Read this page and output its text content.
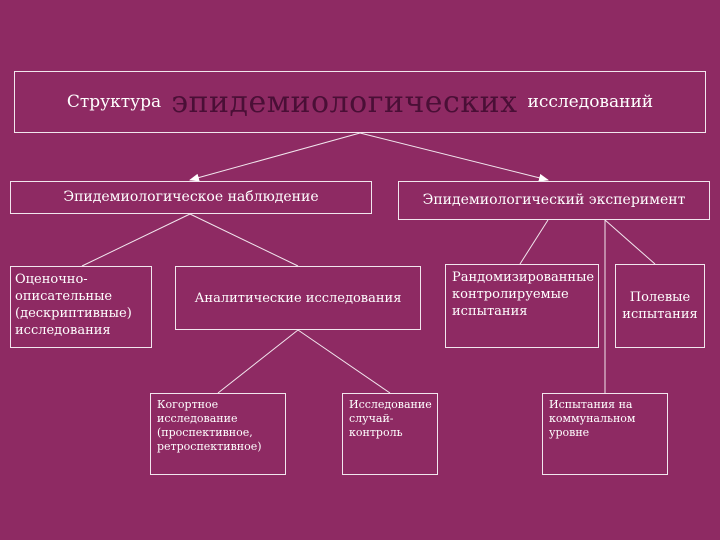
Структура эпидемиологических исследований
Эпидемиологическое наблюдение	Эпидемиологический эксперимент
Оценочно-описательные (дескриптивные) исследования
Аналитические исследования
Рандомизированные контролируемые испытания
Полевые испытания
Когортное исследование (проспективное, ретроспективное)
Исследование случай-контроль
Испытания на коммунальном уровне
